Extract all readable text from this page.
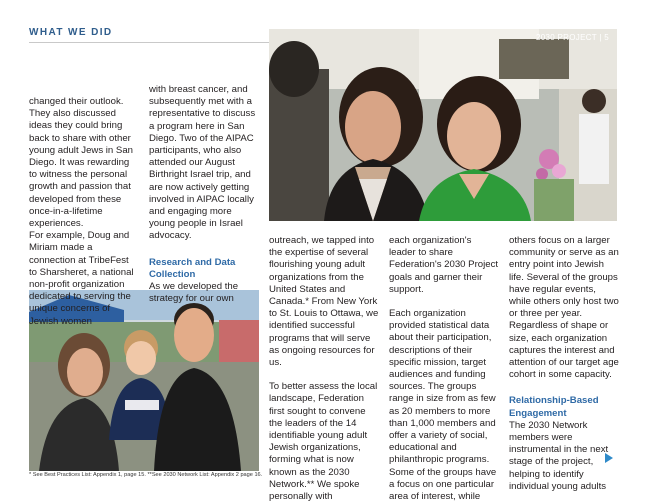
WHAT WE DID	2030 PROJECT | 5

changed their outlook. They also discussed ideas they could bring back to share with other young adult Jews in San Diego. It was rewarding to witness the personal growth and passion that developed from these once-in-a-lifetime experiences.

For example, Doug and Miriam made a connection at TribeFest to Sharsheret, a national non-profit organization dedicated to serving the unique concerns of Jewish women

with breast cancer, and subsequently met with a representative to discuss a program here in San Diego. Two of the AIPAC participants, who also attended our August Birthright Israel trip, and are now actively getting involved in AIPAC locally and engaging more young people in Israel advocacy.

Research and Data Collection

As we developed the strategy for our own

outreach, we tapped into the expertise of several flourishing young adult organizations from the United States and Canada.* From New York to St. Louis to Ottawa, we identified successful programs that will serve as ongoing resources for us.

To better assess the local landscape, Federation first sought to convene the leaders of the 14 identifiable young adult Jewish organizations, forming what is now known as the 2030 Network.** We spoke personally with

each organization's leader to share Federation's 2030 Project goals and garner their support.

Each organization provided statistical data about their participation, descriptions of their specific mission, target audiences and funding sources. The groups range in size from as few as 20 members to more than 1,000 members and offer a variety of social, educational and philanthropic programs. Some of the groups have a focus on one particular area of interest, while

others focus on a larger community or serve as an entry point into Jewish life. Several of the groups have regular events, while others only host two or three per year. Regardless of shape or size, each organization captures the interest and attention of our target age cohort in some capacity.

Relationship-Based Engagement

The 2030 Network members were instrumental in the next stage of the project, helping to identify individual young adults

* See Best Practices List: Appendix 1, page 15. **See 2030 Network List: Appendix 2 page 16.
